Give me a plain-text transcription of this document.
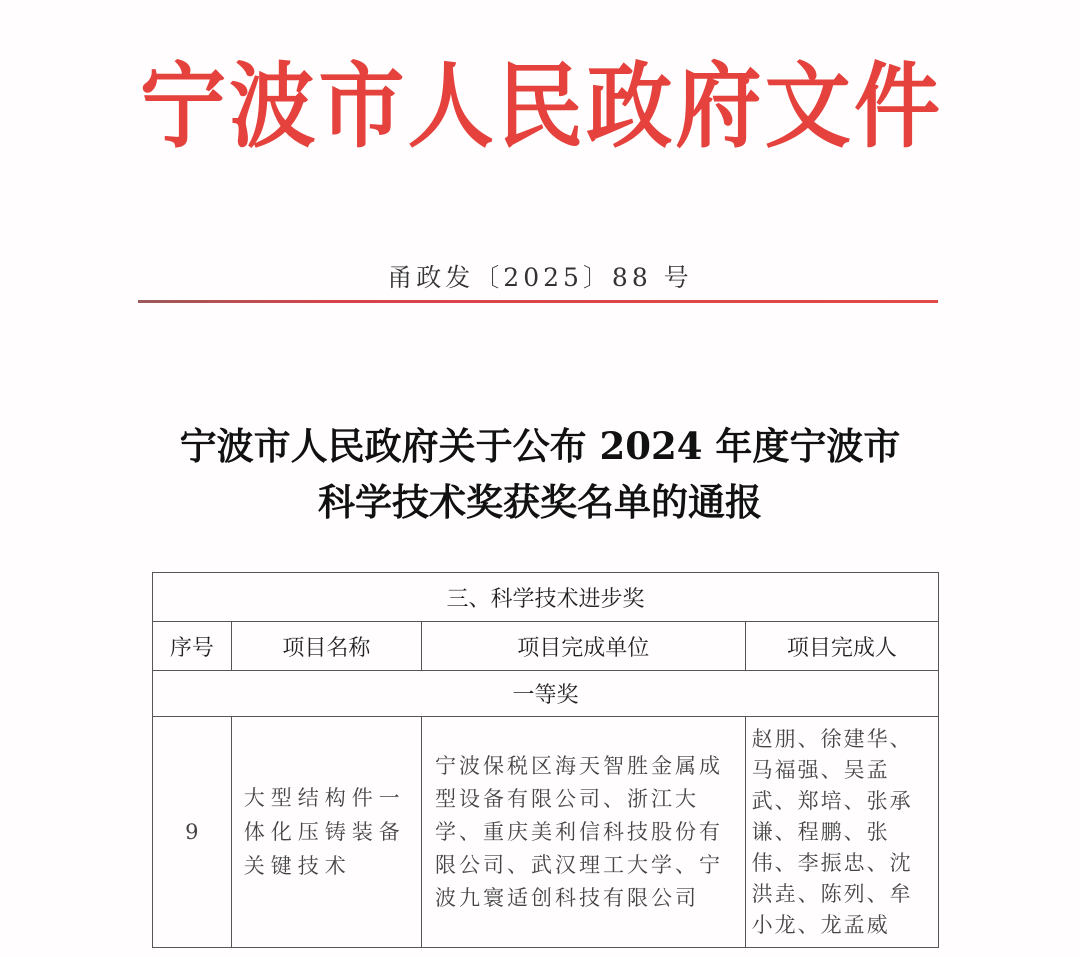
宁 波 市 人 民 政 府 文 件
甬政发〔2025〕88 号
宁波市人民政府关于公布 2024 年度宁波市
科学技术奖获奖名单的通报
三、科学技术进步奖			
序号	项目名称	项目完成单位	项目完成人
一等奖			
9	大型结构件一体化压铸装备关键技术	宁波保税区海天智胜金属成型设备有限公司、浙江大学、重庆美利信科技股份有限公司、武汉理工大学、宁波九寰适创科技有限公司	赵朋、徐建华、马福强、吴孟武、郑培、张承谦、程鹏、张伟、李振忠、沈洪垚、陈列、牟小龙、龙孟威
